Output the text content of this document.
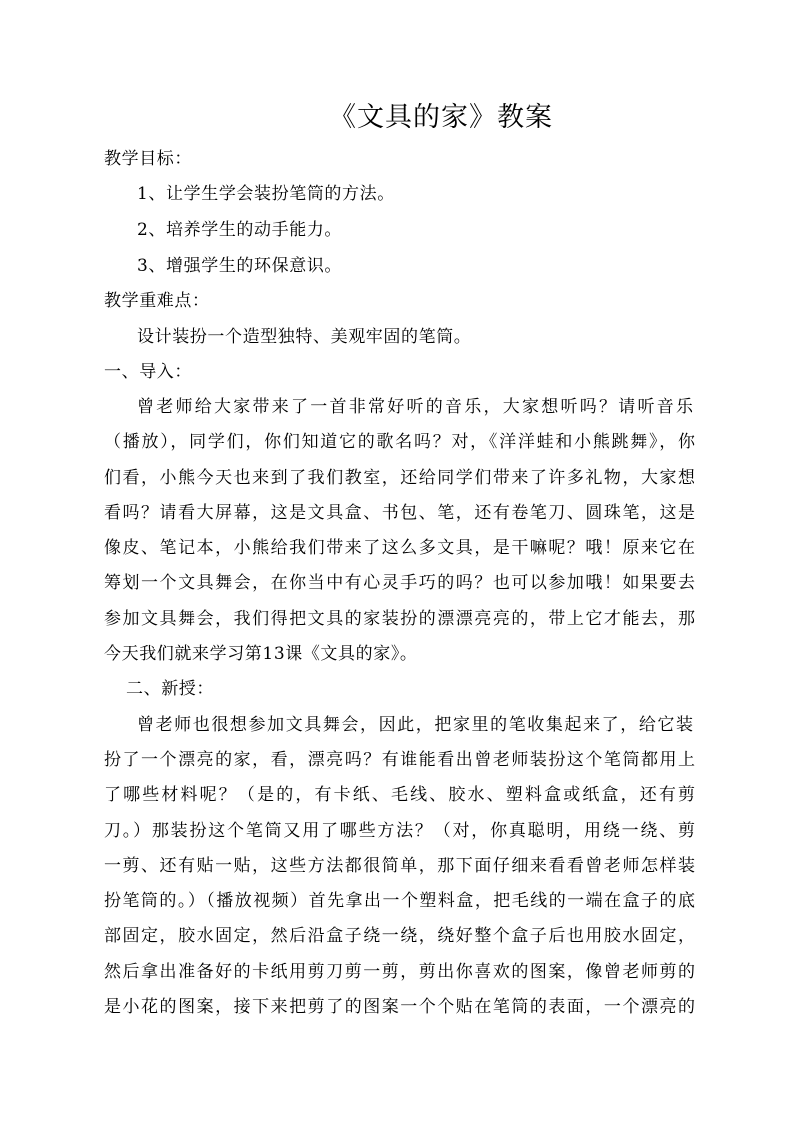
《文具的家》教案
教学目标：
1、让学生学会装扮笔筒的方法。
2、培养学生的动手能力。
3、增强学生的环保意识。
教学重难点：
设计装扮一个造型独特、美观牢固的笔筒。
一、导入：
曾老师给大家带来了一首非常好听的音乐，大家想听吗？请听音乐
（播放），同学们，你们知道它的歌名吗？对，《洋洋蛙和小熊跳舞》，你
们看，小熊今天也来到了我们教室，还给同学们带来了许多礼物，大家想
看吗？请看大屏幕，这是文具盒、书包、笔，还有卷笔刀、圆珠笔，这是
像皮、笔记本，小熊给我们带来了这么多文具，是干嘛呢？哦！原来它在
筹划一个文具舞会，在你当中有心灵手巧的吗？也可以参加哦！如果要去
参加文具舞会，我们得把文具的家装扮的漂漂亮亮的，带上它才能去，那
今天我们就来学习第13课《文具的家》。
二、新授：
曾老师也很想参加文具舞会，因此，把家里的笔收集起来了，给它装
扮了一个漂亮的家，看，漂亮吗？有谁能看出曾老师装扮这个笔筒都用上
了哪些材料呢？（是的，有卡纸、毛线、胶水、塑料盒或纸盒，还有剪
刀。）那装扮这个笔筒又用了哪些方法？（对，你真聪明，用绕一绕、剪
一剪、还有贴一贴，这些方法都很简单，那下面仔细来看看曾老师怎样装
扮笔筒的。）（播放视频）首先拿出一个塑料盒，把毛线的一端在盒子的底
部固定，胶水固定，然后沿盒子绕一绕，绕好整个盒子后也用胶水固定，
然后拿出准备好的卡纸用剪刀剪一剪，剪出你喜欢的图案，像曾老师剪的
是小花的图案，接下来把剪了的图案一个个贴在笔筒的表面，一个漂亮的
